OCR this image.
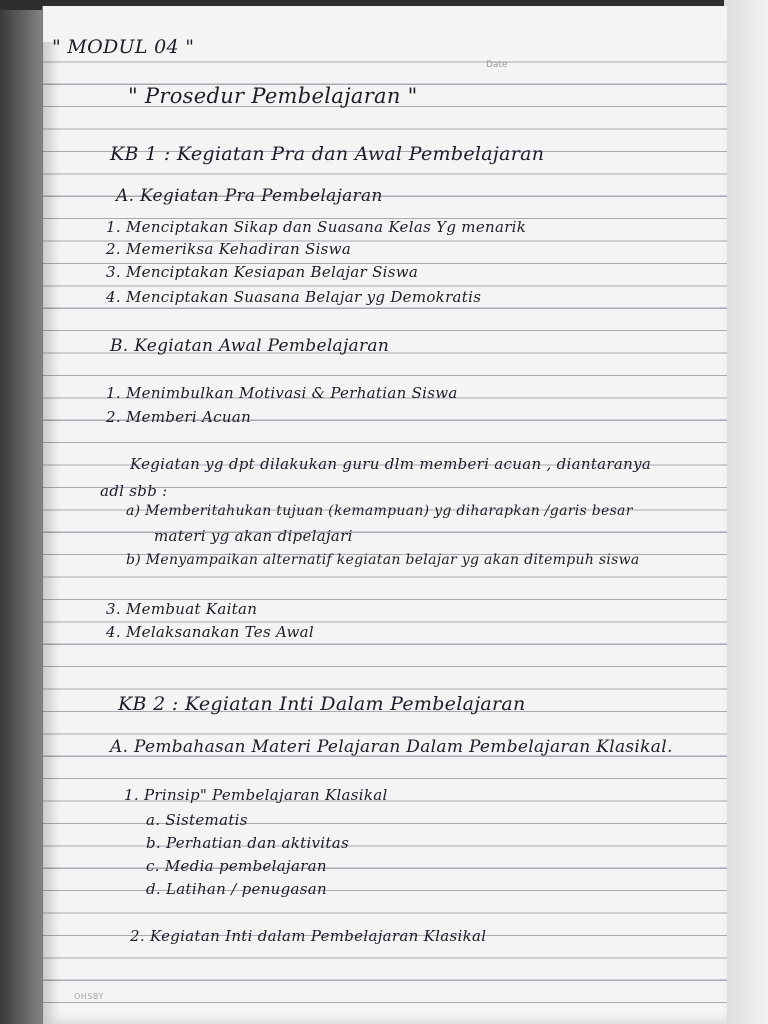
Date
" MODUL 04 "
" Prosedur Pembelajaran "
KB 1 : Kegiatan Pra dan Awal Pembelajaran
A. Kegiatan Pra Pembelajaran
1. Menciptakan Sikap dan Suasana Kelas Yg menarik
2. Memeriksa Kehadiran Siswa
3. Menciptakan Kesiapan Belajar Siswa
4. Menciptakan Suasana Belajar yg Demokratis
B. Kegiatan Awal Pembelajaran
1. Menimbulkan Motivasi & Perhatian Siswa
2. Memberi Acuan
Kegiatan yg dpt dilakukan guru dlm memberi acuan , diantaranya
adl sbb :
a) Memberitahukan tujuan (kemampuan) yg diharapkan /garis besar
materi yg akan dipelajari
b) Menyampaikan alternatif kegiatan belajar yg akan ditempuh siswa
3. Membuat Kaitan
4. Melaksanakan Tes Awal
KB 2 : Kegiatan Inti Dalam Pembelajaran
A. Pembahasan Materi Pelajaran Dalam Pembelajaran Klasikal.
1. Prinsip" Pembelajaran Klasikal
a. Sistematis
b. Perhatian dan aktivitas
c. Media pembelajaran
d. Latihan / penugasan
2. Kegiatan Inti dalam Pembelajaran Klasikal
OHSBY
